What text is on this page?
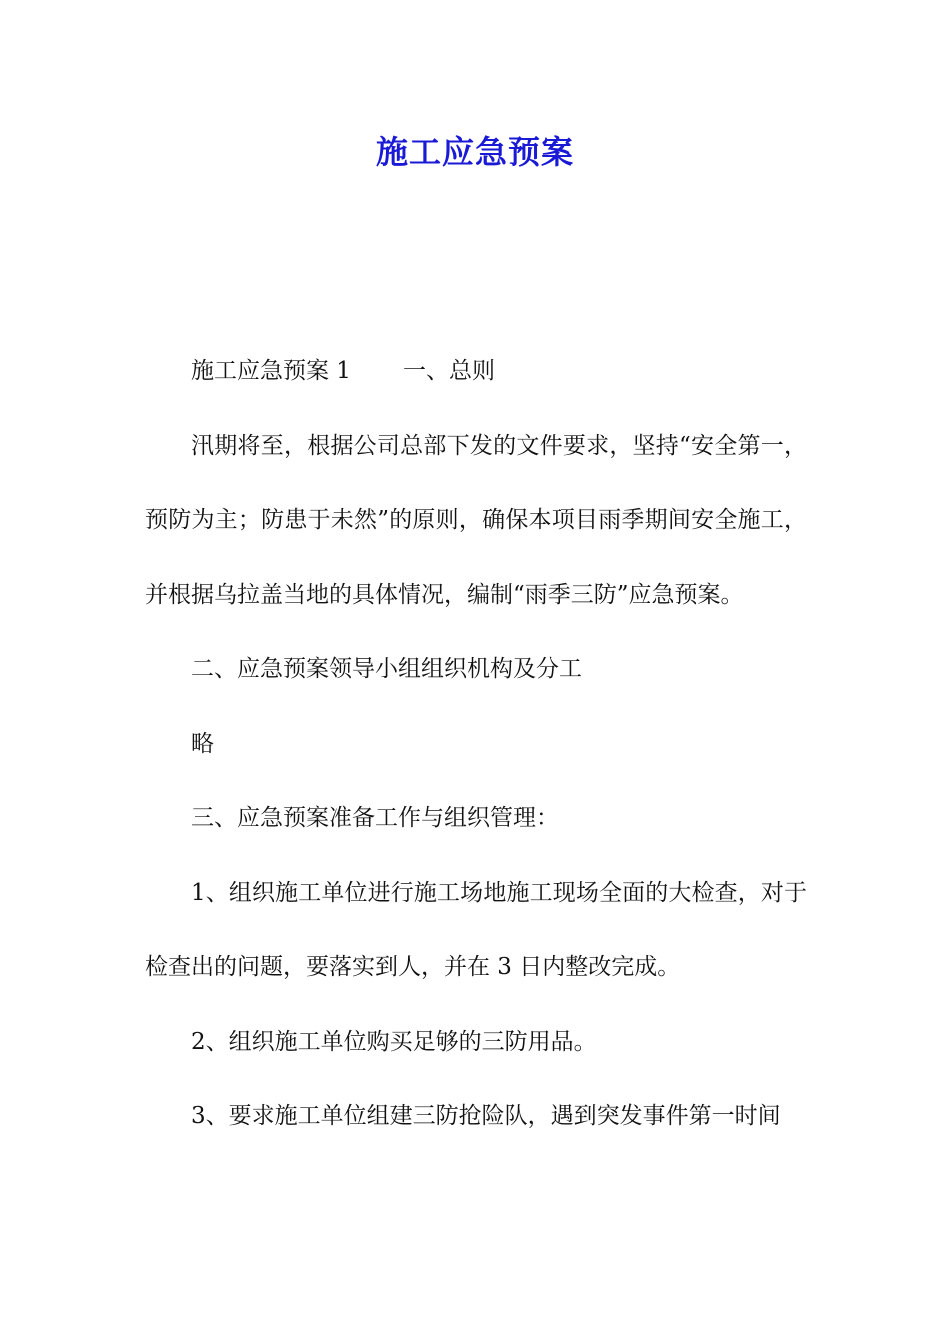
施工应急预案

施工应急预案 1 一、总则

汛期将至，根据公司总部下发的文件要求，坚持“安全第一，预防为主；防患于未然”的原则，确保本项目雨季期间安全施工，并根据乌拉盖当地的具体情况，编制“雨季三防”应急预案。

二、应急预案领导小组组织机构及分工

略

三、应急预案准备工作与组织管理：

1、组织施工单位进行施工场地施工现场全面的大检查，对于检查出的问题，要落实到人，并在 3 日内整改完成。

2、组织施工单位购买足够的三防用品。

3、要求施工单位组建三防抢险队，遇到突发事件第一时间
